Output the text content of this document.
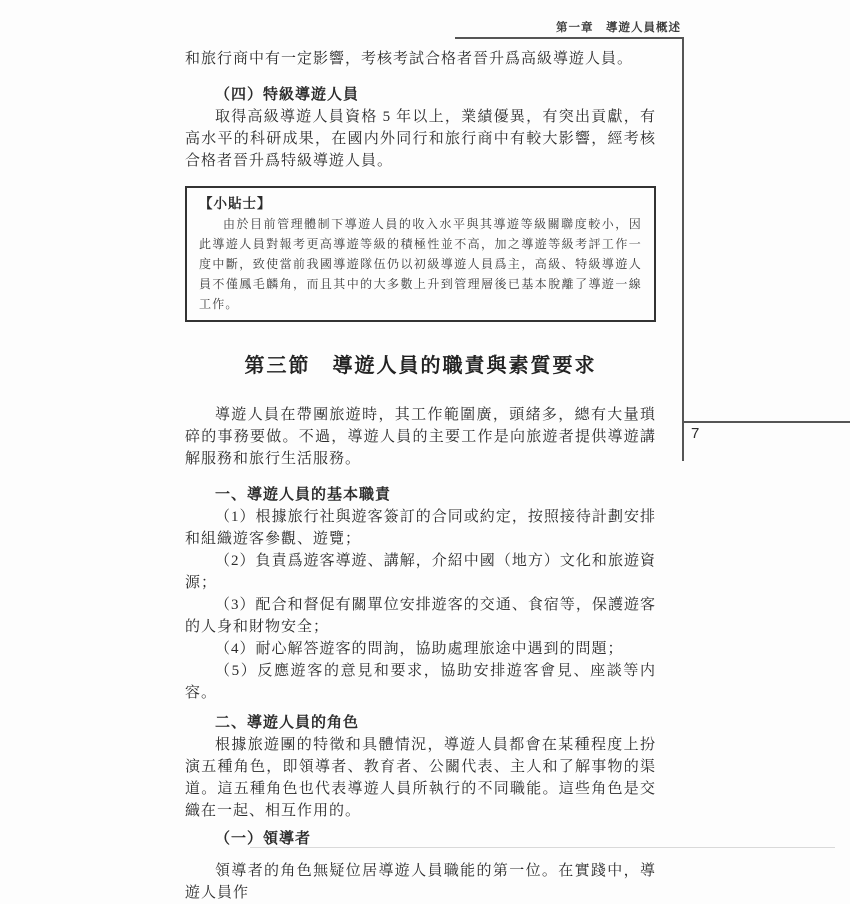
第一章　導遊人員概述
7

和旅行商中有一定影響，考核考試合格者晉升爲高級導遊人員。

（四）特級導遊人員

取得高級導遊人員資格 5 年以上，業績優異，有突出貢獻，有高水平的科研成果，在國内外同行和旅行商中有較大影響，經考核合格者晉升爲特級導遊人員。

【小貼士】

由於目前管理體制下導遊人員的收入水平與其導遊等級關聯度較小，因此導遊人員對報考更高導遊等級的積極性並不高，加之導遊等級考評工作一度中斷，致使當前我國導遊隊伍仍以初級導遊人員爲主，高級、特級導遊人員不僅鳳毛麟角，而且其中的大多數上升到管理層後已基本脫離了導遊一線工作。

第三節　導遊人員的職責與素質要求

導遊人員在帶團旅遊時，其工作範圍廣，頭緒多，總有大量瑣碎的事務要做。不過，導遊人員的主要工作是向旅遊者提供導遊講解服務和旅行生活服務。

一、導遊人員的基本職責

（1）根據旅行社與遊客簽訂的合同或約定，按照接待計劃安排和組織遊客參觀、遊覽；

（2）負責爲遊客導遊、講解，介紹中國（地方）文化和旅遊資源；

（3）配合和督促有關單位安排遊客的交通、食宿等，保護遊客的人身和財物安全；

（4）耐心解答遊客的問詢，協助處理旅途中遇到的問題；

（5）反應遊客的意見和要求，協助安排遊客會見、座談等内容。

二、導遊人員的角色

根據旅遊團的特徵和具體情況，導遊人員都會在某種程度上扮演五種角色，即領導者、教育者、公關代表、主人和了解事物的渠道。這五種角色也代表導遊人員所執行的不同職能。這些角色是交織在一起、相互作用的。

（一）領導者

領導者的角色無疑位居導遊人員職能的第一位。在實踐中，導遊人員作
